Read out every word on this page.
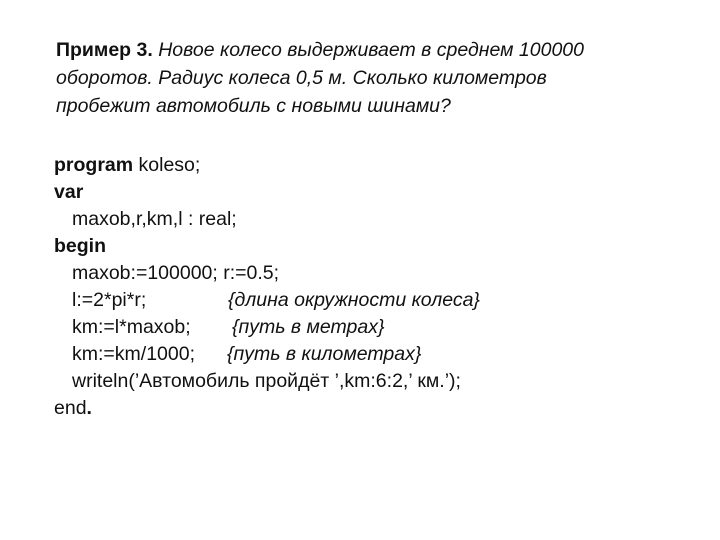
Пример 3. Новое колесо выдерживает в среднем 100000
оборотов. Радиус колеса 0,5 м. Сколько километров
пробежит автомобиль с новыми шинами?
program koleso;
var
maxob,r,km,l : real;
begin
maxob:=100000; r:=0.5;
l:=2*pi*r;	{длина окружности колеса}
km:=l*maxob; {путь в метрах}
km:=km/1000; {путь в километрах}
writeln(’Автомобиль пройдёт ’,km:6:2,’ км.’);
end.
